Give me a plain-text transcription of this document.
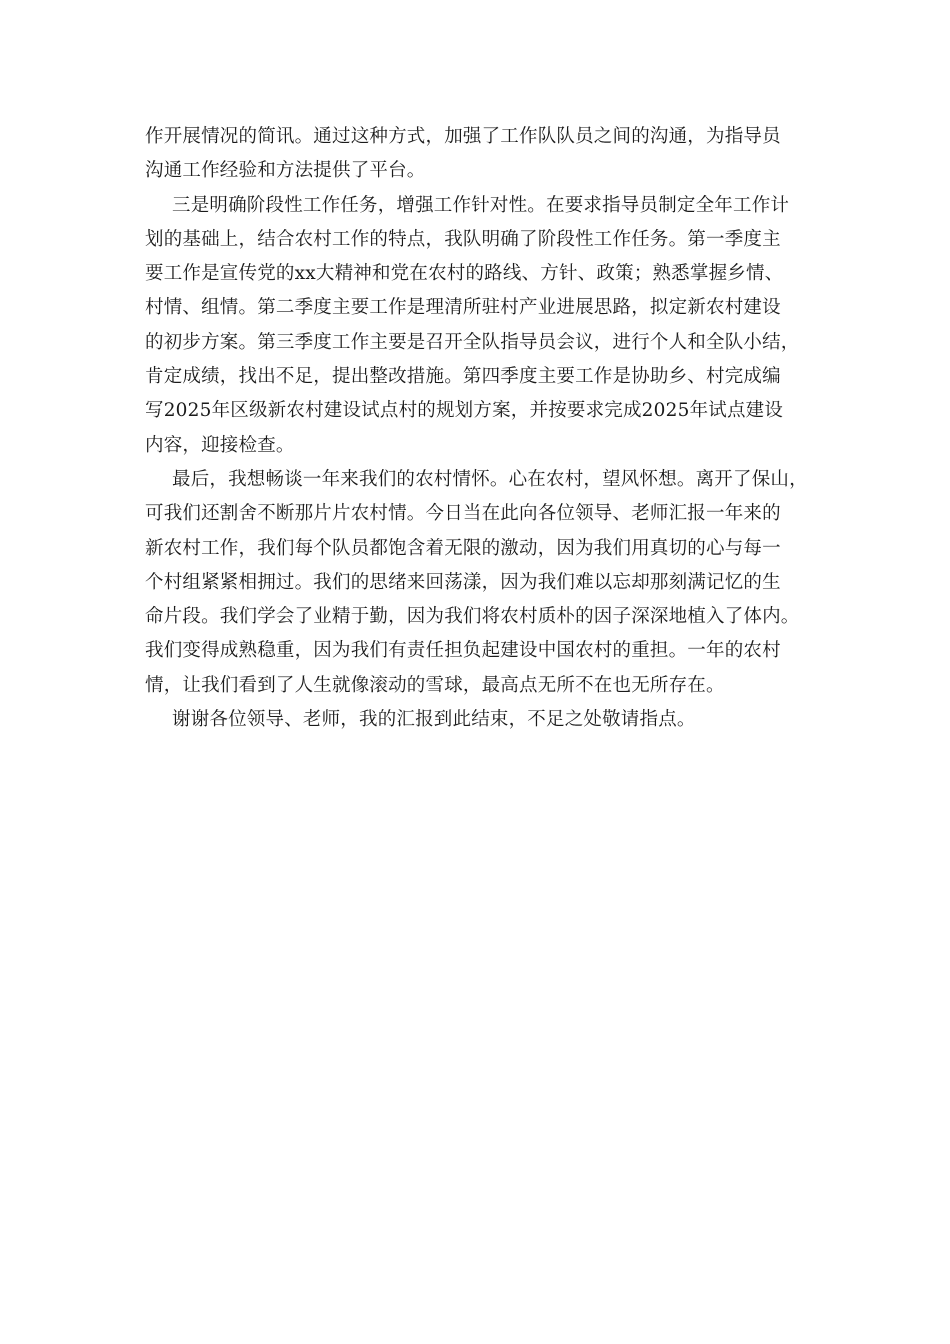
作开展情况的简讯。通过这种方式，加强了工作队队员之间的沟通，为指导员
沟通工作经验和方法提供了平台。
三是明确阶段性工作任务，增强工作针对性。在要求指导员制定全年工作计
划的基础上，结合农村工作的特点，我队明确了阶段性工作任务。第一季度主
要工作是宣传党的xx大精神和党在农村的路线、方针、政策；熟悉掌握乡情、
村情、组情。第二季度主要工作是理清所驻村产业进展思路，拟定新农村建设
的初步方案。第三季度工作主要是召开全队指导员会议，进行个人和全队小结，
肯定成绩，找出不足，提出整改措施。第四季度主要工作是协助乡、村完成编
写2025年区级新农村建设试点村的规划方案，并按要求完成2025年试点建设
内容，迎接检查。
最后，我想畅谈一年来我们的农村情怀。心在农村，望风怀想。离开了保山，
可我们还割舍不断那片片农村情。今日当在此向各位领导、老师汇报一年来的
新农村工作，我们每个队员都饱含着无限的激动，因为我们用真切的心与每一
个村组紧紧相拥过。我们的思绪来回荡漾，因为我们难以忘却那刻满记忆的生
命片段。我们学会了业精于勤，因为我们将农村质朴的因子深深地植入了体内。
我们变得成熟稳重，因为我们有责任担负起建设中国农村的重担。一年的农村
情，让我们看到了人生就像滚动的雪球，最高点无所不在也无所存在。
谢谢各位领导、老师，我的汇报到此结束，不足之处敬请指点。
